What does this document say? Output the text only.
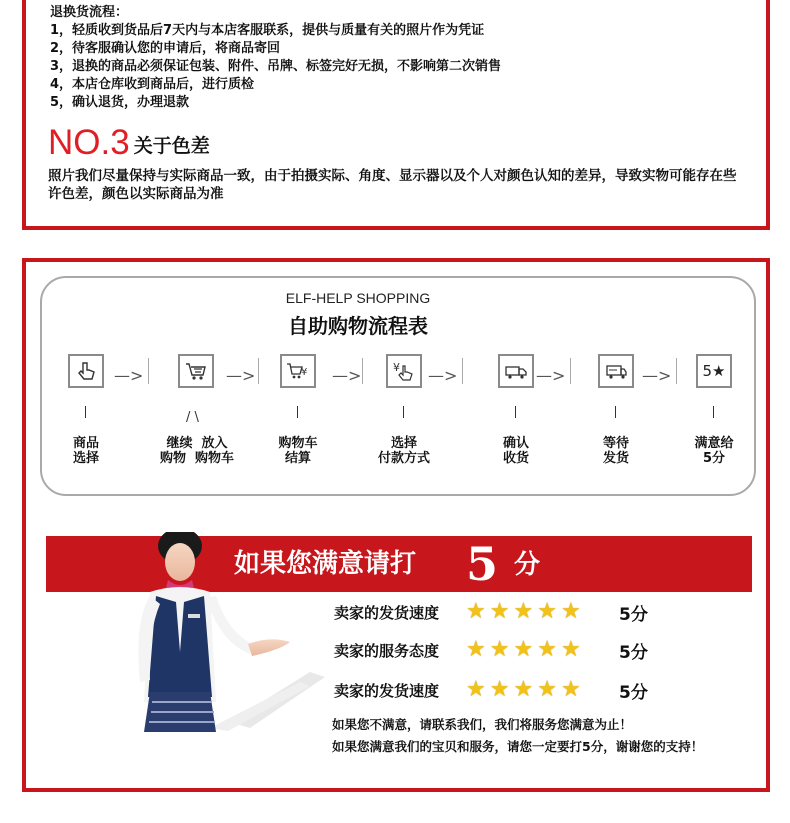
退换货流程：
1，轻质收到货品后7天内与本店客服联系，提供与质量有关的照片作为凭证
2，待客服确认您的申请后，将商品寄回
3，退换的商品必须保证包装、附件、吊牌、标签完好无损，不影响第二次销售
4，本店仓库收到商品后，进行质检
5，确认退货，办理退款
NO.3 关于色差

照片我们尽量保持与实际商品一致，由于拍摄实际、角度、显示器以及个人对颜色认知的差异，导致实物可能存在些许色差，颜色以实际商品为准

ELF-HELP SHOPPING
自助购物流程表
商品
选择
—>
/ \
继续  放入
购物  购物车
—>	¥
购物车
结算
—>	¥
选择
付款方式
—>
确认
收货
—>
等待
发货
—> 5★
满意给
5分
如果您满意请打 5 分
卖家的发货速度	★ ★ ★ ★ ★ 5分
卖家的服务态度	★ ★ ★ ★ ★ 5分
卖家的发货速度	★ ★ ★ ★ ★ 5分
如果您不满意，请联系我们，我们将服务您满意为止！
如果您满意我们的宝贝和服务，请您一定要打5分，谢谢您的支持！
